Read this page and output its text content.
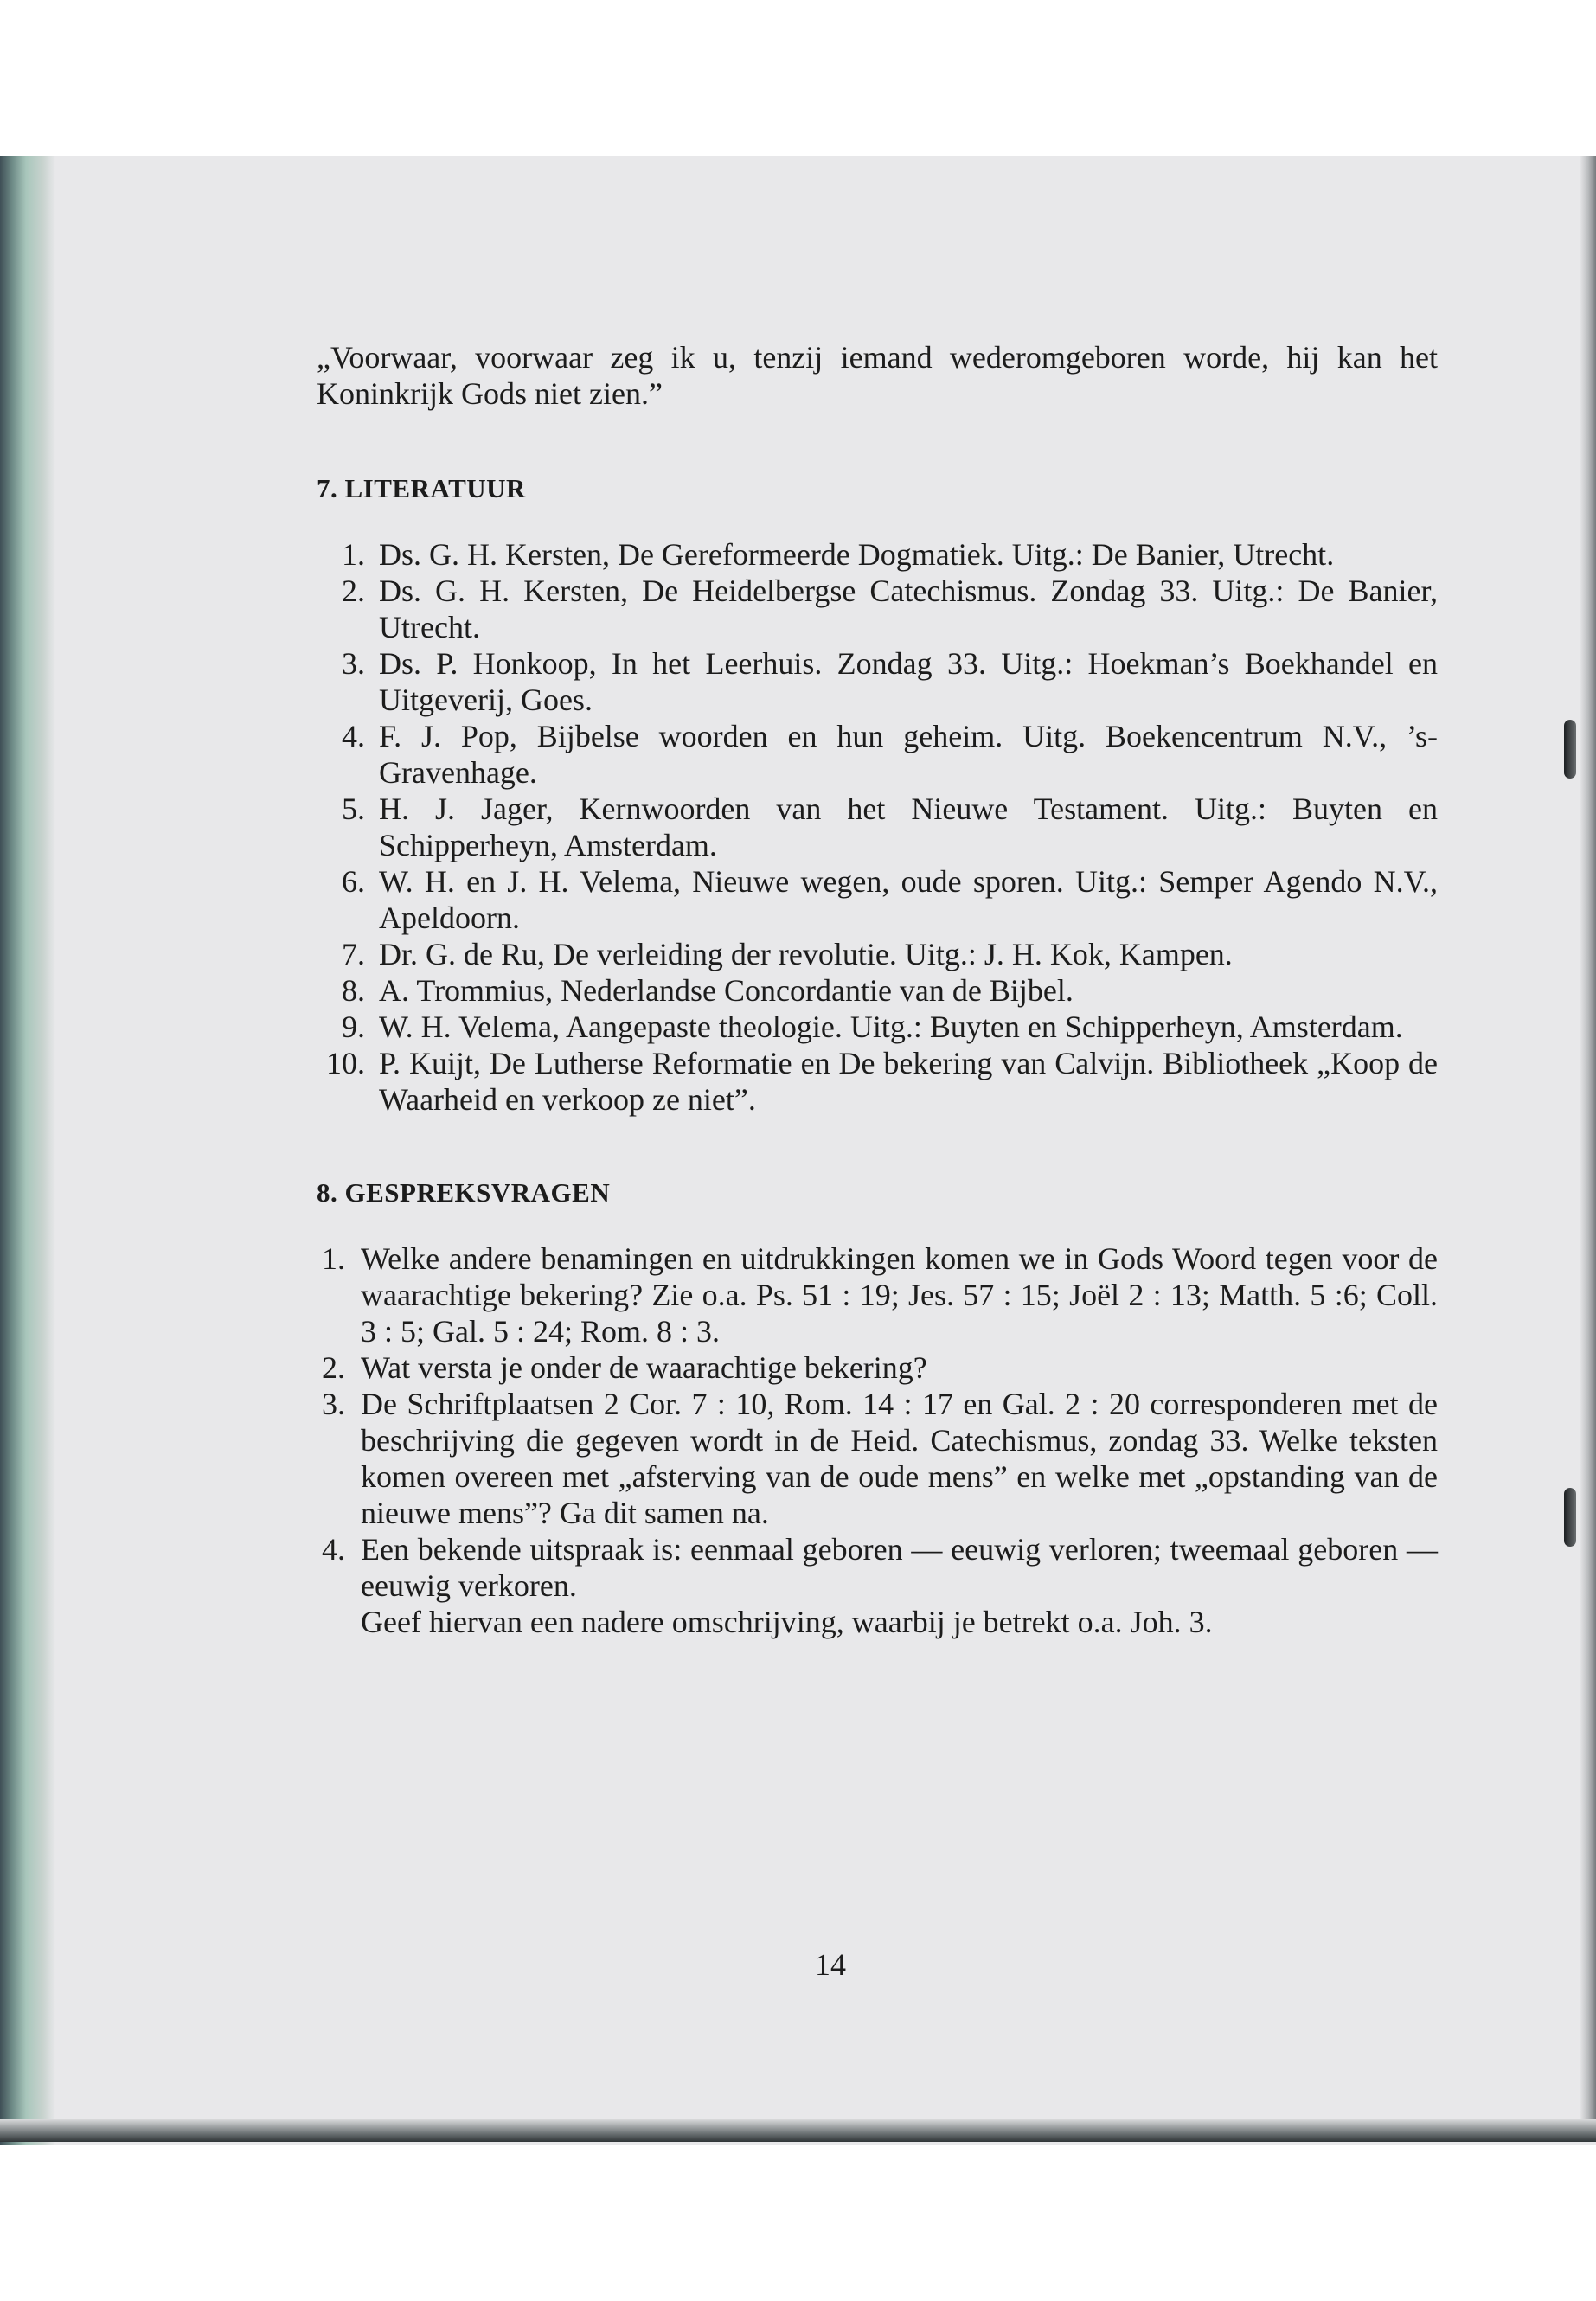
„Voorwaar, voorwaar zeg ik u, tenzij iemand wederomgeboren worde, hij kan het Koninkrijk Gods niet zien.”

7. LITERATUUR
1. Ds. G. H. Kersten, De Gereformeerde Dogmatiek. Uitg.: De Banier, Utrecht.
2. Ds. G. H. Kersten, De Heidelbergse Catechismus. Zondag 33. Uitg.: De Banier, Utrecht.
3. Ds. P. Honkoop, In het Leerhuis. Zondag 33. Uitg.: Hoekman’s Boekhandel en Uitgeverij, Goes.
4. F. J. Pop, Bijbelse woorden en hun geheim. Uitg. Boekencentrum N.V., ’s-Gravenhage.
5. H. J. Jager, Kernwoorden van het Nieuwe Testament. Uitg.: Buyten en Schipperheyn, Amsterdam.
6. W. H. en J. H. Velema, Nieuwe wegen, oude sporen. Uitg.: Semper Agendo N.V., Apeldoorn.
7. Dr. G. de Ru, De verleiding der revolutie. Uitg.: J. H. Kok, Kampen.
8. A. Trommius, Nederlandse Concordantie van de Bijbel.
9. W. H. Velema, Aangepaste theologie. Uitg.: Buyten en Schipperheyn, Amsterdam.
10. P. Kuijt, De Lutherse Reformatie en De bekering van Calvijn. Bibliotheek „Koop de Waarheid en verkoop ze niet”.
8. GESPREKSVRAGEN
1. Welke andere benamingen en uitdrukkingen komen we in Gods Woord tegen voor de waarachtige bekering? Zie o.a. Ps. 51 : 19; Jes. 57 : 15; Joël 2 : 13; Matth. 5 :6; Coll. 3 : 5; Gal. 5 : 24; Rom. 8 : 3.
2. Wat versta je onder de waarachtige bekering?
3. De Schriftplaatsen 2 Cor. 7 : 10, Rom. 14 : 17 en Gal. 2 : 20 corresponderen met de beschrijving die gegeven wordt in de Heid. Catechismus, zondag 33. Welke teksten komen overeen met „afsterving van de oude mens” en welke met „opstanding van de nieuwe mens”? Ga dit samen na.
4. Een bekende uitspraak is: eenmaal geboren — eeuwig verloren; tweemaal geboren — eeuwig verkoren.
Geef hiervan een nadere omschrijving, waarbij je betrekt o.a. Joh. 3.
14
